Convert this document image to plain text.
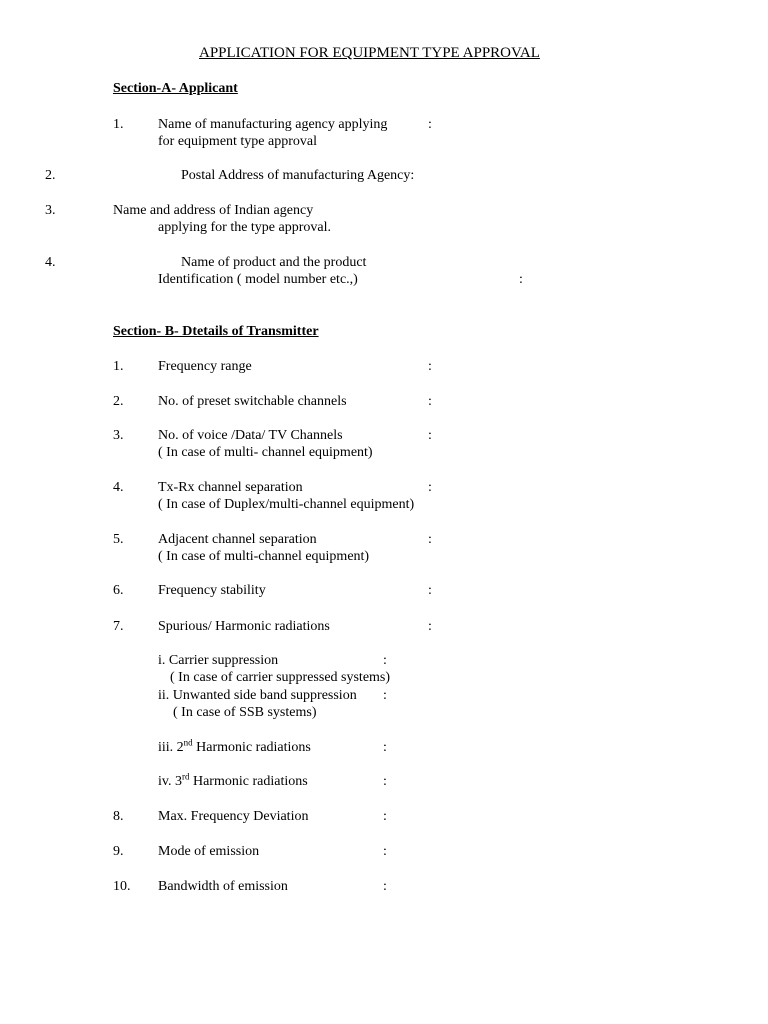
APPLICATION FOR EQUIPMENT TYPE APPROVAL
Section-A- Applicant
1. Name of manufacturing agency applying
for equipment type approval
:
2.	Postal Address of manufacturing Agency:
3.	Name and address of Indian agency
applying for the type approval.
4.	Name of product and the product
Identification ( model number etc.,)	:
Section- B- Dtetails of Transmitter
1. Frequency range	:
2. No. of preset switchable channels	:
3. No. of voice /Data/ TV Channels
( In case of multi- channel equipment)
:
4. Tx-Rx channel separation
( In case of Duplex/multi-channel equipment)
:
5. Adjacent channel separation
( In case of multi-channel equipment)
:
6. Frequency stability	:
7. Spurious/ Harmonic radiations	:
i. Carrier suppression
( In case of carrier suppressed systems)
:
ii. Unwanted side band suppression
( In case of SSB systems)
:
iii. 2nd Harmonic radiations	:
iv. 3rd Harmonic radiations	:
8. Max. Frequency Deviation	:
9. Mode of emission	:
10. Bandwidth of emission	:
